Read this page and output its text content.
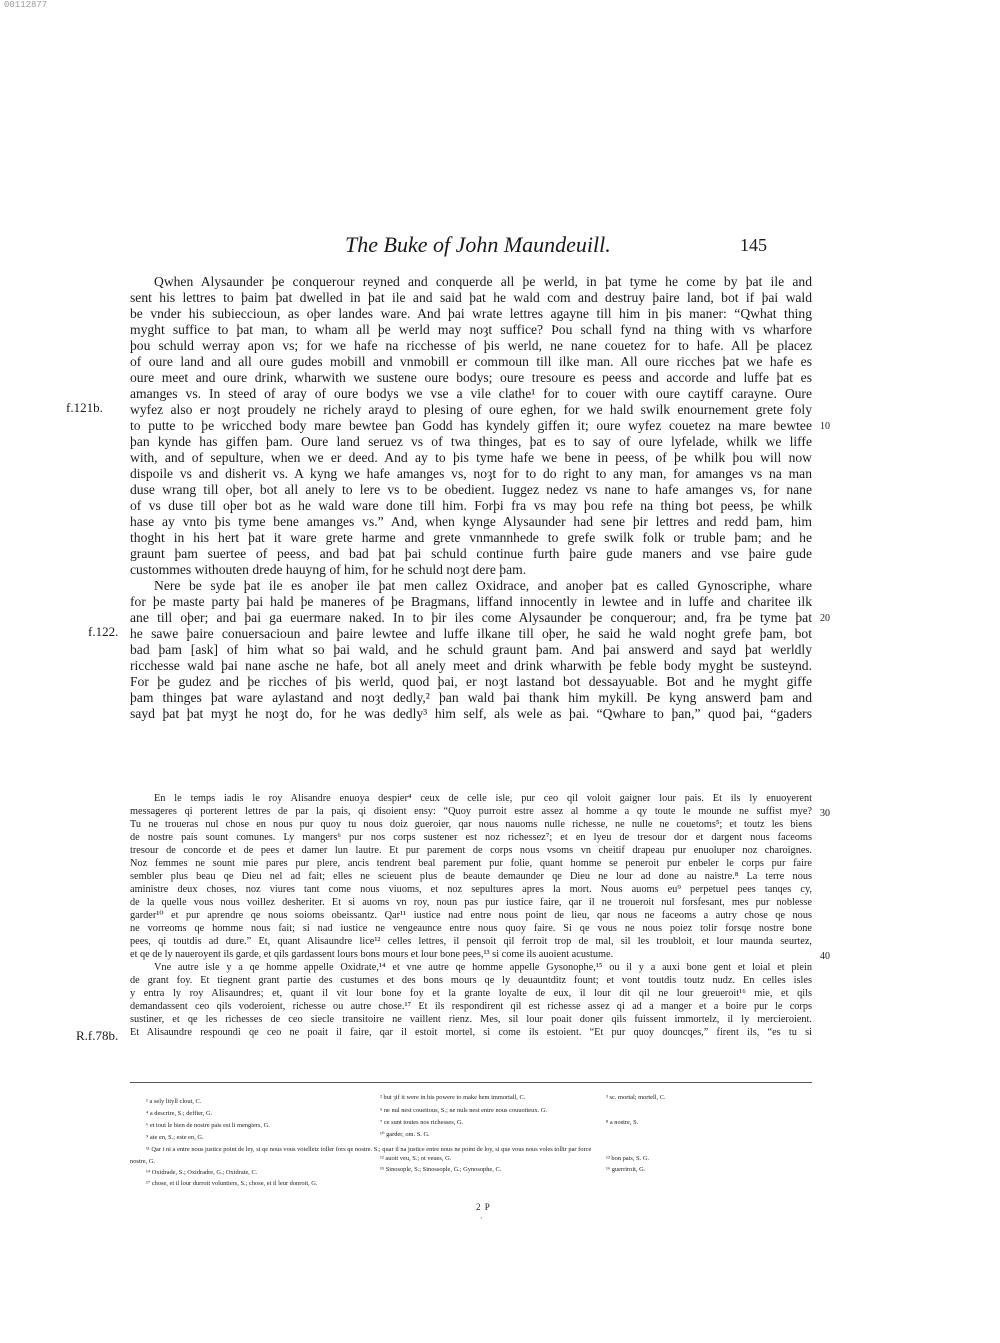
00112877
The Buke of John Maundeuill.	145
Qwhen Alysaunder þe conquerour reyned and conquerde all þe werld, in þat tyme he come by þat ile and
sent his lettres to þaim þat dwelled in þat ile and said þat he wald com and destruy þaire land, bot if þai wald
be vnder his subieccioun, as oþer landes ware. And þai wrate lettres agayne till him in þis maner: “Qwhat thing
myght suffice to þat man, to wham all þe werld may noȝt suffice? Þou schall fynd na thing with vs wharfore
þou schuld werray apon vs; for we hafe na ricchesse of þis werld, ne nane couetez for to hafe. All þe placez
of oure land and all oure gudes mobill and vnmobill er commoun till ilke man. All oure ricches þat we hafe es
oure meet and oure drink, wharwith we sustene oure bodys; oure tresoure es peess and accorde and luffe þat es
amanges vs. In steed of aray of oure bodys we vse a vile clathe¹ for to couer with oure caytiff carayne. Oure
wyfez also er noȝt proudely ne richely arayd to plesing of oure eghen, for we hald swilk enournement grete foly
to putte to þe wricched body mare bewtee þan Godd has kyndely giffen it; oure wyfez couetez na mare bewtee
þan kynde has giffen þam. Oure land seruez vs of twa thinges, þat es to say of oure lyfelade, whilk we liffe
with, and of sepulture, when we er deed. And ay to þis tyme hafe we bene in peess, of þe whilk þou will now
dispoile vs and disherit vs. A kyng we hafe amanges vs, noȝt for to do right to any man, for amanges vs na man
duse wrang till oþer, bot all anely to lere vs to be obedient. Iuggez nedez vs nane to hafe amanges vs, for nane
of vs duse till oþer bot as he wald ware done till him. Forþi fra vs may þou refe na thing bot peess, þe whilk
hase ay vnto þis tyme bene amanges vs.” And, when kynge Alysaunder had sene þir lettres and redd þam, him
thoght in his hert þat it ware grete harme and grete vnmannhede to grefe swilk folk or truble þam; and he
graunt þam suertee of peess, and bad þat þai schuld continue furth þaire gude maners and vse þaire gude
custommes withouten drede hauyng of him, for he schuld noȝt dere þam.
Nere be syde þat ile es anoþer ile þat men callez Oxidrace, and anoþer þat es called Gynoscriphe, whare
for þe maste party þai hald þe maneres of þe Bragmans, liffand innocently in lewtee and in luffe and charitee ilk
ane till oþer; and þai ga euermare naked. In to þir iles come Alysaunder þe conquerour; and, fra þe tyme þat
he sawe þaire conuersacioun and þaire lewtee and luffe ilkane till oþer, he said he wald noght grefe þam, bot
bad þam [ask] of him what so þai wald, and he schuld graunt þam. And þai answerd and sayd þat werldly
ricchesse wald þai nane asche ne hafe, bot all anely meet and drink wharwith þe feble body myght be susteynd.
For þe gudez and þe ricches of þis werld, quod þai, er noȝt lastand bot dessayuable. Bot and he myght giffe
þam thinges þat ware aylastand and noȝt dedly,² þan wald þai thank him mykill. Þe kyng answerd þam and
sayd þat þat myȝt he noȝt do, for he was dedly³ him self, als wele as þai. “Qwhare to þan,” quod þai, “gaders
10
20
f.121b.
f.122.
R.f.78b.
En le temps iadis le roy Alisandre enuoya despier⁴ ceux de celle isle, pur ceo qil voloit gaigner lour pais. Et ils ly enuoyerent
messageres qi porterent lettres de par la pais, qi disoient ensy: “Quoy purroit estre assez al homme a qy toute le mounde ne suffist mye?
Tu ne troueras nul chose en nous pur quoy tu nous doiz gueroier, qar nous nauoms nulle richesse, ne nulle ne couetoms⁵; et toutz les biens
de nostre pais sount comunes. Ly mangers⁶ pur nos corps sustener est noz richessez⁷; et en lyeu de tresour dor et dargent nous faceoms
tresour de concorde et de pees et damer lun lautre. Et pur parement de corps nous vsoms vn cheitif drapeau pur enuoluper noz charoignes.
Noz femmes ne sount mie pares pur plere, ancis tendrent beal parement pur folie, quant homme se peneroit pur enbeler le corps pur faire
sembler plus beau qe Dieu nel ad fait; elles ne scieuent plus de beaute demaunder qe Dieu ne lour ad done au naistre.⁸ La terre nous
aministre deux choses, noz viures tant come nous viuoms, et noz sepultures apres la mort. Nous auoms eu⁹ perpetuel pees tanqes cy,
de la quelle vous nous voillez desheriter. Et si auoms vn roy, noun pas pur iustice faire, qar il ne troueroit nul forsfesant, mes pur noblesse
garder¹⁰ et pur aprendre qe nous soioms obeissantz. Qar¹¹ iustice nad entre nous point de lieu, qar nous ne faceoms a autry chose qe nous
ne vorreoms qe homme nous fait; si nad iustice ne vengeaunce entre nous quoy faire. Si qe vous ne nous poiez tolir forsqe nostre bone
pees, qi toutdis ad dure.” Et, quant Alisaundre lice¹² celles lettres, il pensoit qil ferroit trop de mal, sil les troubloit, et lour maunda seurtez,
et qe de ly naueroyent ils garde, et qils gardassent lours bons mours et lour bone pees,¹³ si come ils auoient acustume.
Vne autre isle y a qe homme appelle Oxidrate,¹⁴ et vne autre qe homme appelle Gysonophe,¹⁵ ou il y a auxi bone gent et loial et plein
de grant foy. Et tiegnent grant partie des custumes et des bons mours qe ly deuauntditz fount; et vont toutdis toutz nudz. En celles isles
y entra ly roy Alisaundres; et, quant il vit lour bone foy et la grante loyalte de eux, il lour dit qil ne lour greueroit¹⁶ mie, et qils
demandassent ceo qils voderoient, richesse ou autre chose.¹⁷ Et ils respondirent qil est richesse assez qi ad a manger et a boire pur le corps
sustiner, et qe les richesses de ceo siecle transitoire ne vaillent rienz. Mes, sil lour poait doner qils fuissent immortelz, il ly mercieroient.
Et Alisaundre respoundi qe ceo ne poait il faire, qar il estoit mortel, si come ils estoient. “Et pur quoy douncqes,” firent ils, “es tu si
30
40
¹ a sely lityll clout, C.
² but ȝif it were in his powere to make hem immortall, C.	³ sc. mortal; mortell, C.
⁴ a descrire, S.; deffier, G.	⁵ ne nul nest coueitous, S.; ne nuls nest entre nous couuoiteux. G.
⁶ et tout le bien de nostre pais est li mengiers, G.	⁷ ce sunt toutes nos richesses, G.	⁸ a nostre, S.
⁹ ate en, S.; este en, G.	¹⁰ garder, om. S. G.
¹¹ Qar i ni a entre nous justice point de ley, si qe nous vous voielletz toller fors qe nostre. S.; quar il na justice entre nous ne point de loy, si que vous nous voles tollir par force
nostre, G.	¹² auoit veu, S.; ot veues, G.	¹³ bon pais, S. G.
¹⁴ Oxidrade, S.; Oxidradre, G.; Oxidrate, C.	¹⁵ Sinosople, S.; Sinossople, G.; Gynosophe, C.	¹⁶ guerriroit, G.
¹⁷ chose, et il lour durroit voluntiers, S.; chose, et il leur donroit, G.
2 P
·
